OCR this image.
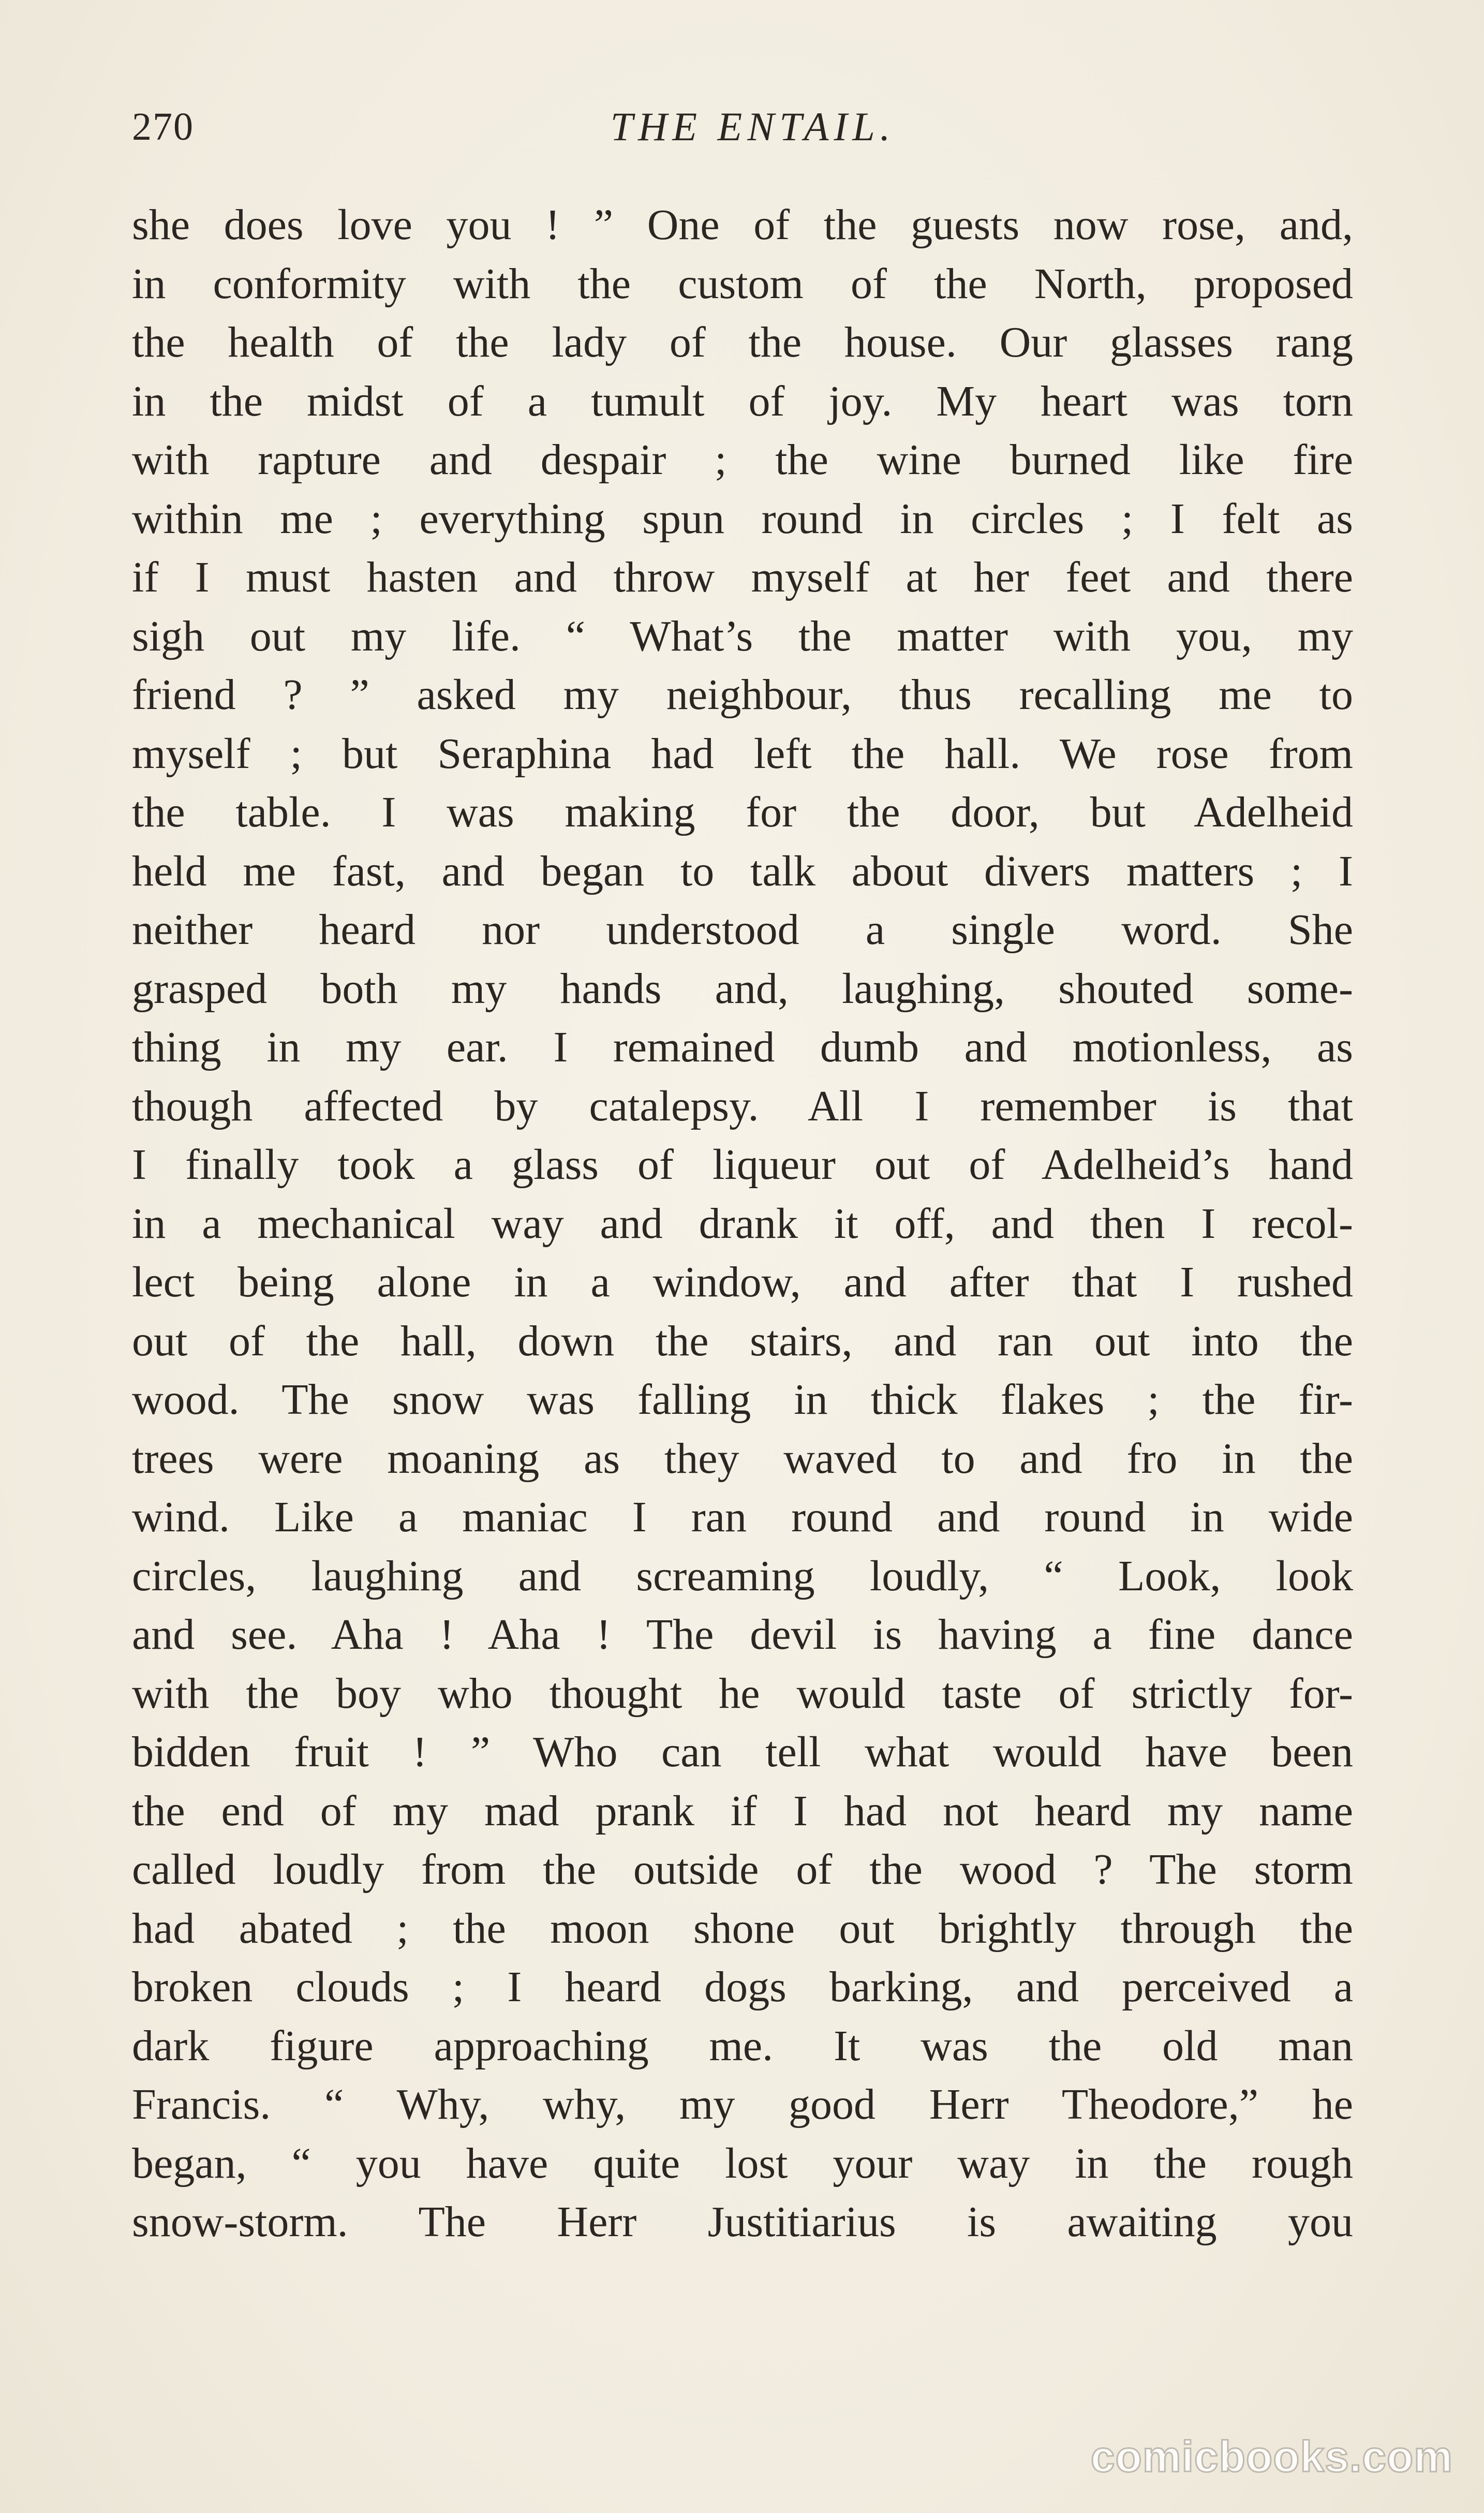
270	THE ENTAIL.
she does love you ! ” One of the guests now rose, and,
in conformity with the custom of the North, proposed
the health of the lady of the house. Our glasses rang
in the midst of a tumult of joy. My heart was torn
with rapture and despair ; the wine burned like fire
within me ; everything spun round in circles ; I felt as
if I must hasten and throw myself at her feet and there
sigh out my life. “ What’s the matter with you, my
friend ? ” asked my neighbour, thus recalling me to
myself ; but Seraphina had left the hall. We rose from
the table. I was making for the door, but Adelheid
held me fast, and began to talk about divers matters ; I
neither heard nor understood a single word. She
grasped both my hands and, laughing, shouted some-
thing in my ear. I remained dumb and motionless, as
though affected by catalepsy. All I remember is that
I finally took a glass of liqueur out of Adelheid’s hand
in a mechanical way and drank it off, and then I recol-
lect being alone in a window, and after that I rushed
out of the hall, down the stairs, and ran out into the
wood. The snow was falling in thick flakes ; the fir-
trees were moaning as they waved to and fro in the
wind. Like a maniac I ran round and round in wide
circles, laughing and screaming loudly, “ Look, look
and see. Aha ! Aha ! The devil is having a fine dance
with the boy who thought he would taste of strictly for-
bidden fruit ! ” Who can tell what would have been
the end of my mad prank if I had not heard my name
called loudly from the outside of the wood ? The storm
had abated ; the moon shone out brightly through the
broken clouds ; I heard dogs barking, and perceived a
dark figure approaching me. It was the old man
Francis. “ Why, why, my good Herr Theodore,” he
began, “ you have quite lost your way in the rough
snow-storm. The Herr Justitiarius is awaiting you
comicbooks.com
